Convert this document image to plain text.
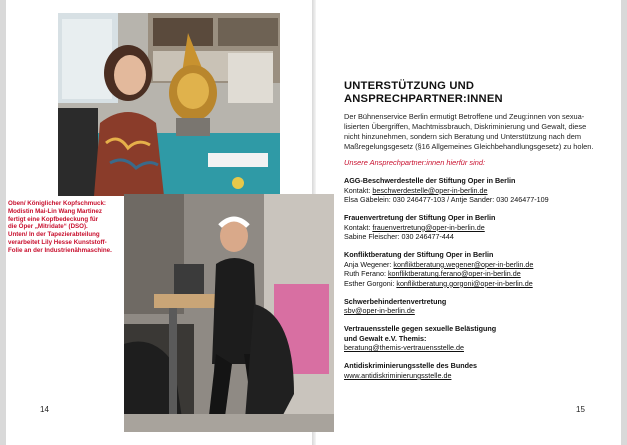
Oben/ Königlicher Kopfschmuck:
Modistin Mai-Lin Wang Martinez
fertigt eine Kopfbedeckung für
die Oper „Mitridate“ (DSO).
Unten/ In der Tapezierabteilung
verarbeitet Lily Hesse Kunststoff-
Folie an der Industrienähmaschine.
14
UNTERSTÜTZUNG UND
ANSPRECHPARTNER:INNEN
Der Bühnenservice Berlin ermutigt Betroffene und Zeug:innen von sexua-
lisierten Übergriffen, Machtmissbrauch, Diskriminierung und Gewalt, diese
nicht hinzunehmen, sondern sich Beratung und Unterstützung nach dem
Maßregelungsgesetz (§16 Allgemeines Gleichbehandlungsgesetz) zu holen.
Unsere Ansprechpartner:innen hierfür sind:
AGG-Beschwerdestelle der Stiftung Oper in Berlin
Kontakt: beschwerdestelle@oper-in-berlin.de
Elsa Gäbelein: 030 246477-103 / Antje Sander: 030 246477-109
Frauenvertretung der Stiftung Oper in Berlin
Kontakt: frauenvertretung@oper-in-berlin.de
Sabine Fleischer: 030 246477-444
Konfliktberatung der Stiftung Oper in Berlin
Anja Wegener: konfliktberatung.wegener@oper-in-berlin.de
Ruth Ferano: konfliktberatung.ferano@oper-in-berlin.de
Esther Gorgoni: konfliktberatung.gorgoni@oper-in-berlin.de
Schwerbehindertenvertretung
sbv@oper-in-berlin.de
Vertrauensstelle gegen sexuelle Belästigung
und Gewalt e.V. Themis:
beratung@themis-vertrauensstelle.de
Antidiskriminierungsstelle des Bundes
www.antidiskriminierungsstelle.de
15
